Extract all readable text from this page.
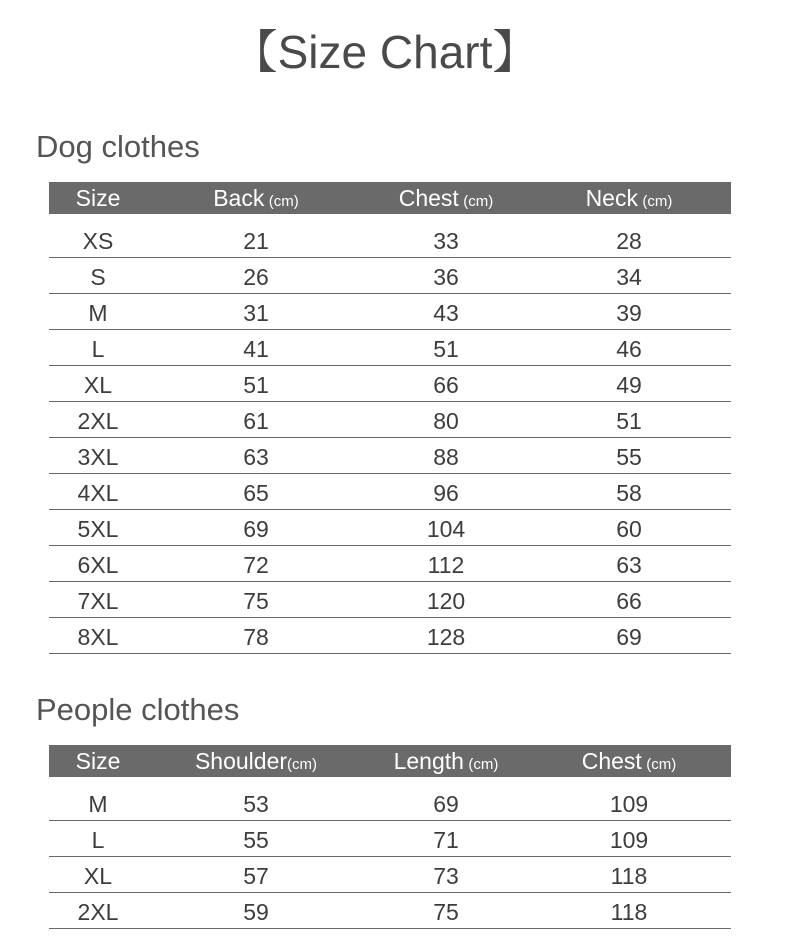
【Size Chart】
Dog clothes
Size	Back (cm)	Chest (cm)	Neck (cm)
XS	21	33	28
S	26	36	34
M	31	43	39
L	41	51	46
XL	51	66	49
2XL	61	80	51
3XL	63	88	55
4XL	65	96	58
5XL	69	104	60
6XL	72	112	63
7XL	75	120	66
8XL	78	128	69
People clothes
Size	Shoulder(cm)	Length (cm)	Chest (cm)
M	53	69	109
L	55	71	109
XL	57	73	118
2XL	59	75	118
